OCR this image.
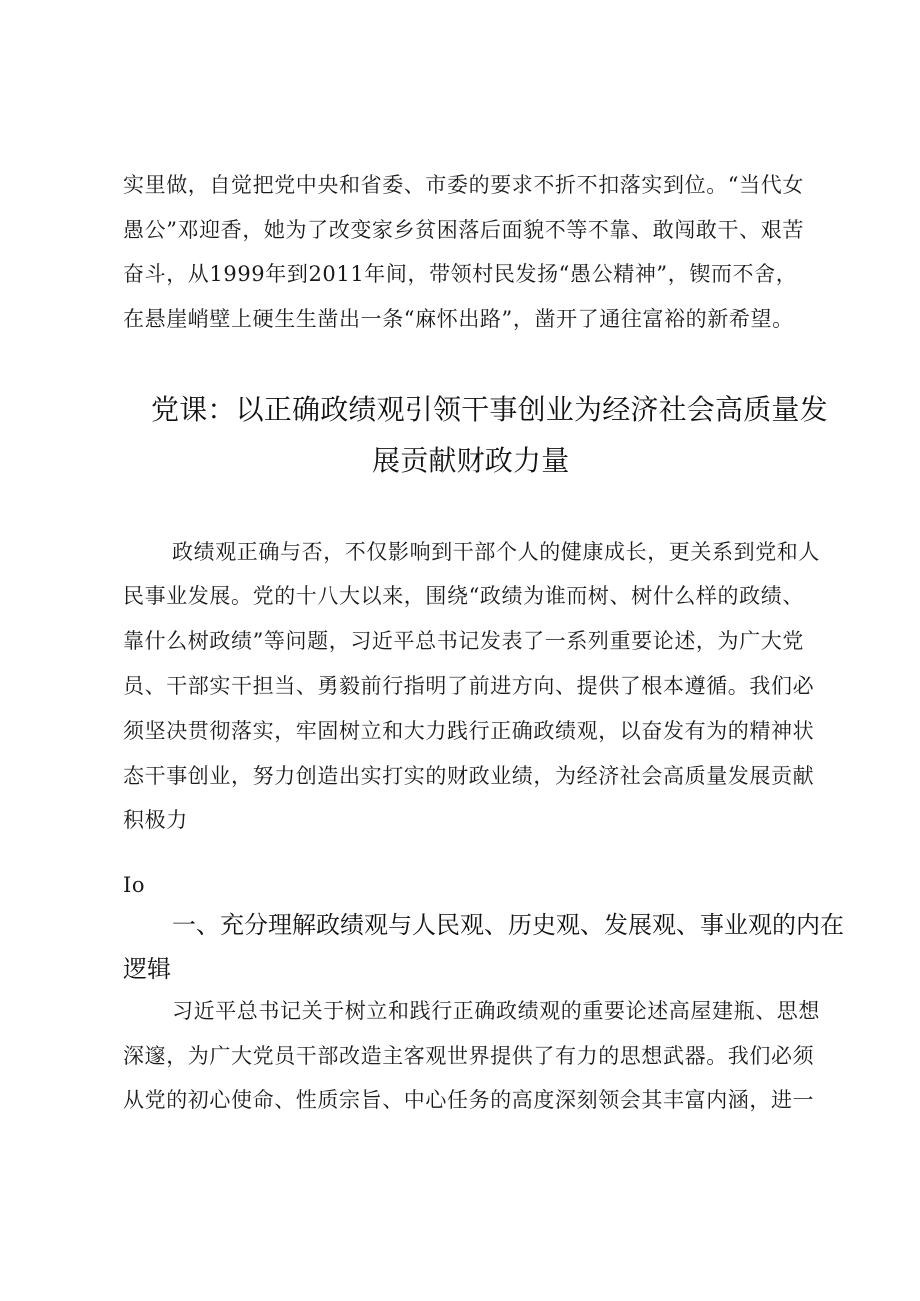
实里做，自觉把党中央和省委、市委的要求不折不扣落实到位。“当代女
愚公”邓迎香，她为了改变家乡贫困落后面貌不等不靠、敢闯敢干、艰苦
奋斗，从1999年到2011年间，带领村民发扬“愚公精神”，锲而不舍，
在悬崖峭壁上硬生生凿出一条“麻怀出路”，凿开了通往富裕的新希望。
党课：以正确政绩观引领干事创业为经济社会高质量发
展贡献财政力量
政绩观正确与否，不仅影响到干部个人的健康成长，更关系到党和人
民事业发展。党的十八大以来，围绕“政绩为谁而树、树什么样的政绩、
靠什么树政绩”等问题，习近平总书记发表了一系列重要论述，为广大党
员、干部实干担当、勇毅前行指明了前进方向、提供了根本遵循。我们必
须坚决贯彻落实，牢固树立和大力践行正确政绩观，以奋发有为的精神状
态干事创业，努力创造出实打实的财政业绩，为经济社会高质量发展贡献
积极力
Io
一、充分理解政绩观与人民观、历史观、发展观、事业观的内在
逻辑
习近平总书记关于树立和践行正确政绩观的重要论述高屋建瓶、思想
深邃，为广大党员干部改造主客观世界提供了有力的思想武器。我们必须
从党的初心使命、性质宗旨、中心任务的高度深刻领会其丰富内涵，进一
